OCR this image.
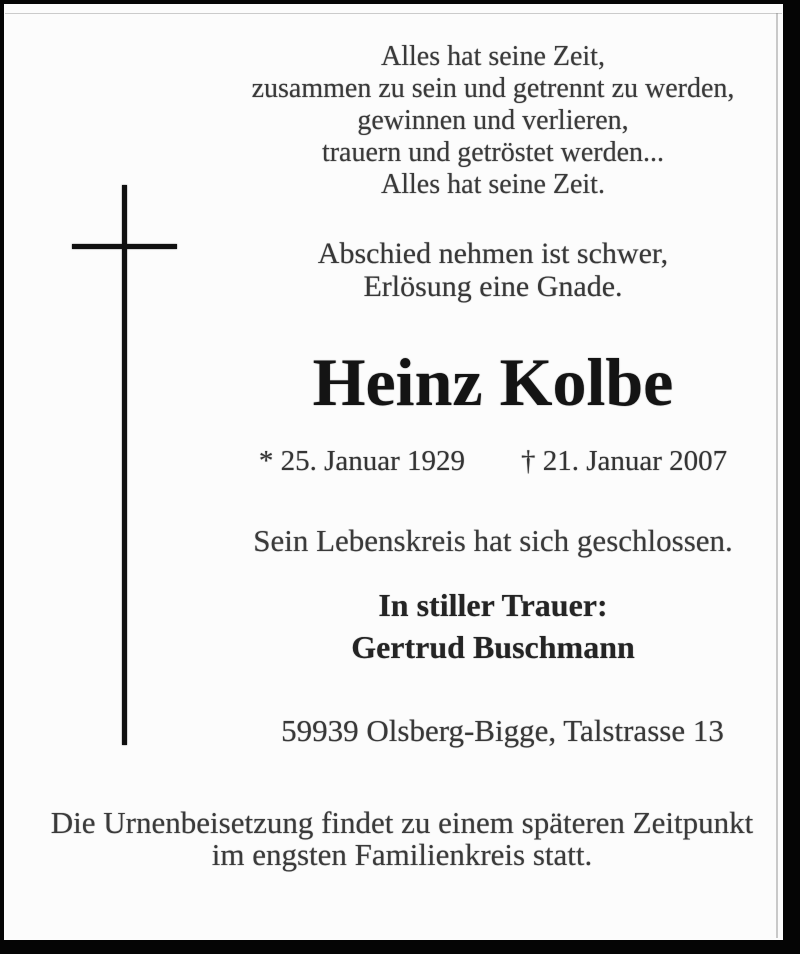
Alles hat seine Zeit,
zusammen zu sein und getrennt zu werden,
gewinnen und verlieren,
trauern und getröstet werden...
Alles hat seine Zeit.
Abschied nehmen ist schwer,
Erlösung eine Gnade.
Heinz Kolbe
* 25. Januar 1929 † 21. Januar 2007
Sein Lebenskreis hat sich geschlossen.
In stiller Trauer:
Gertrud Buschmann
59939 Olsberg-Bigge, Talstrasse 13
Die Urnenbeisetzung findet zu einem späteren Zeitpunkt
im engsten Familienkreis statt.
